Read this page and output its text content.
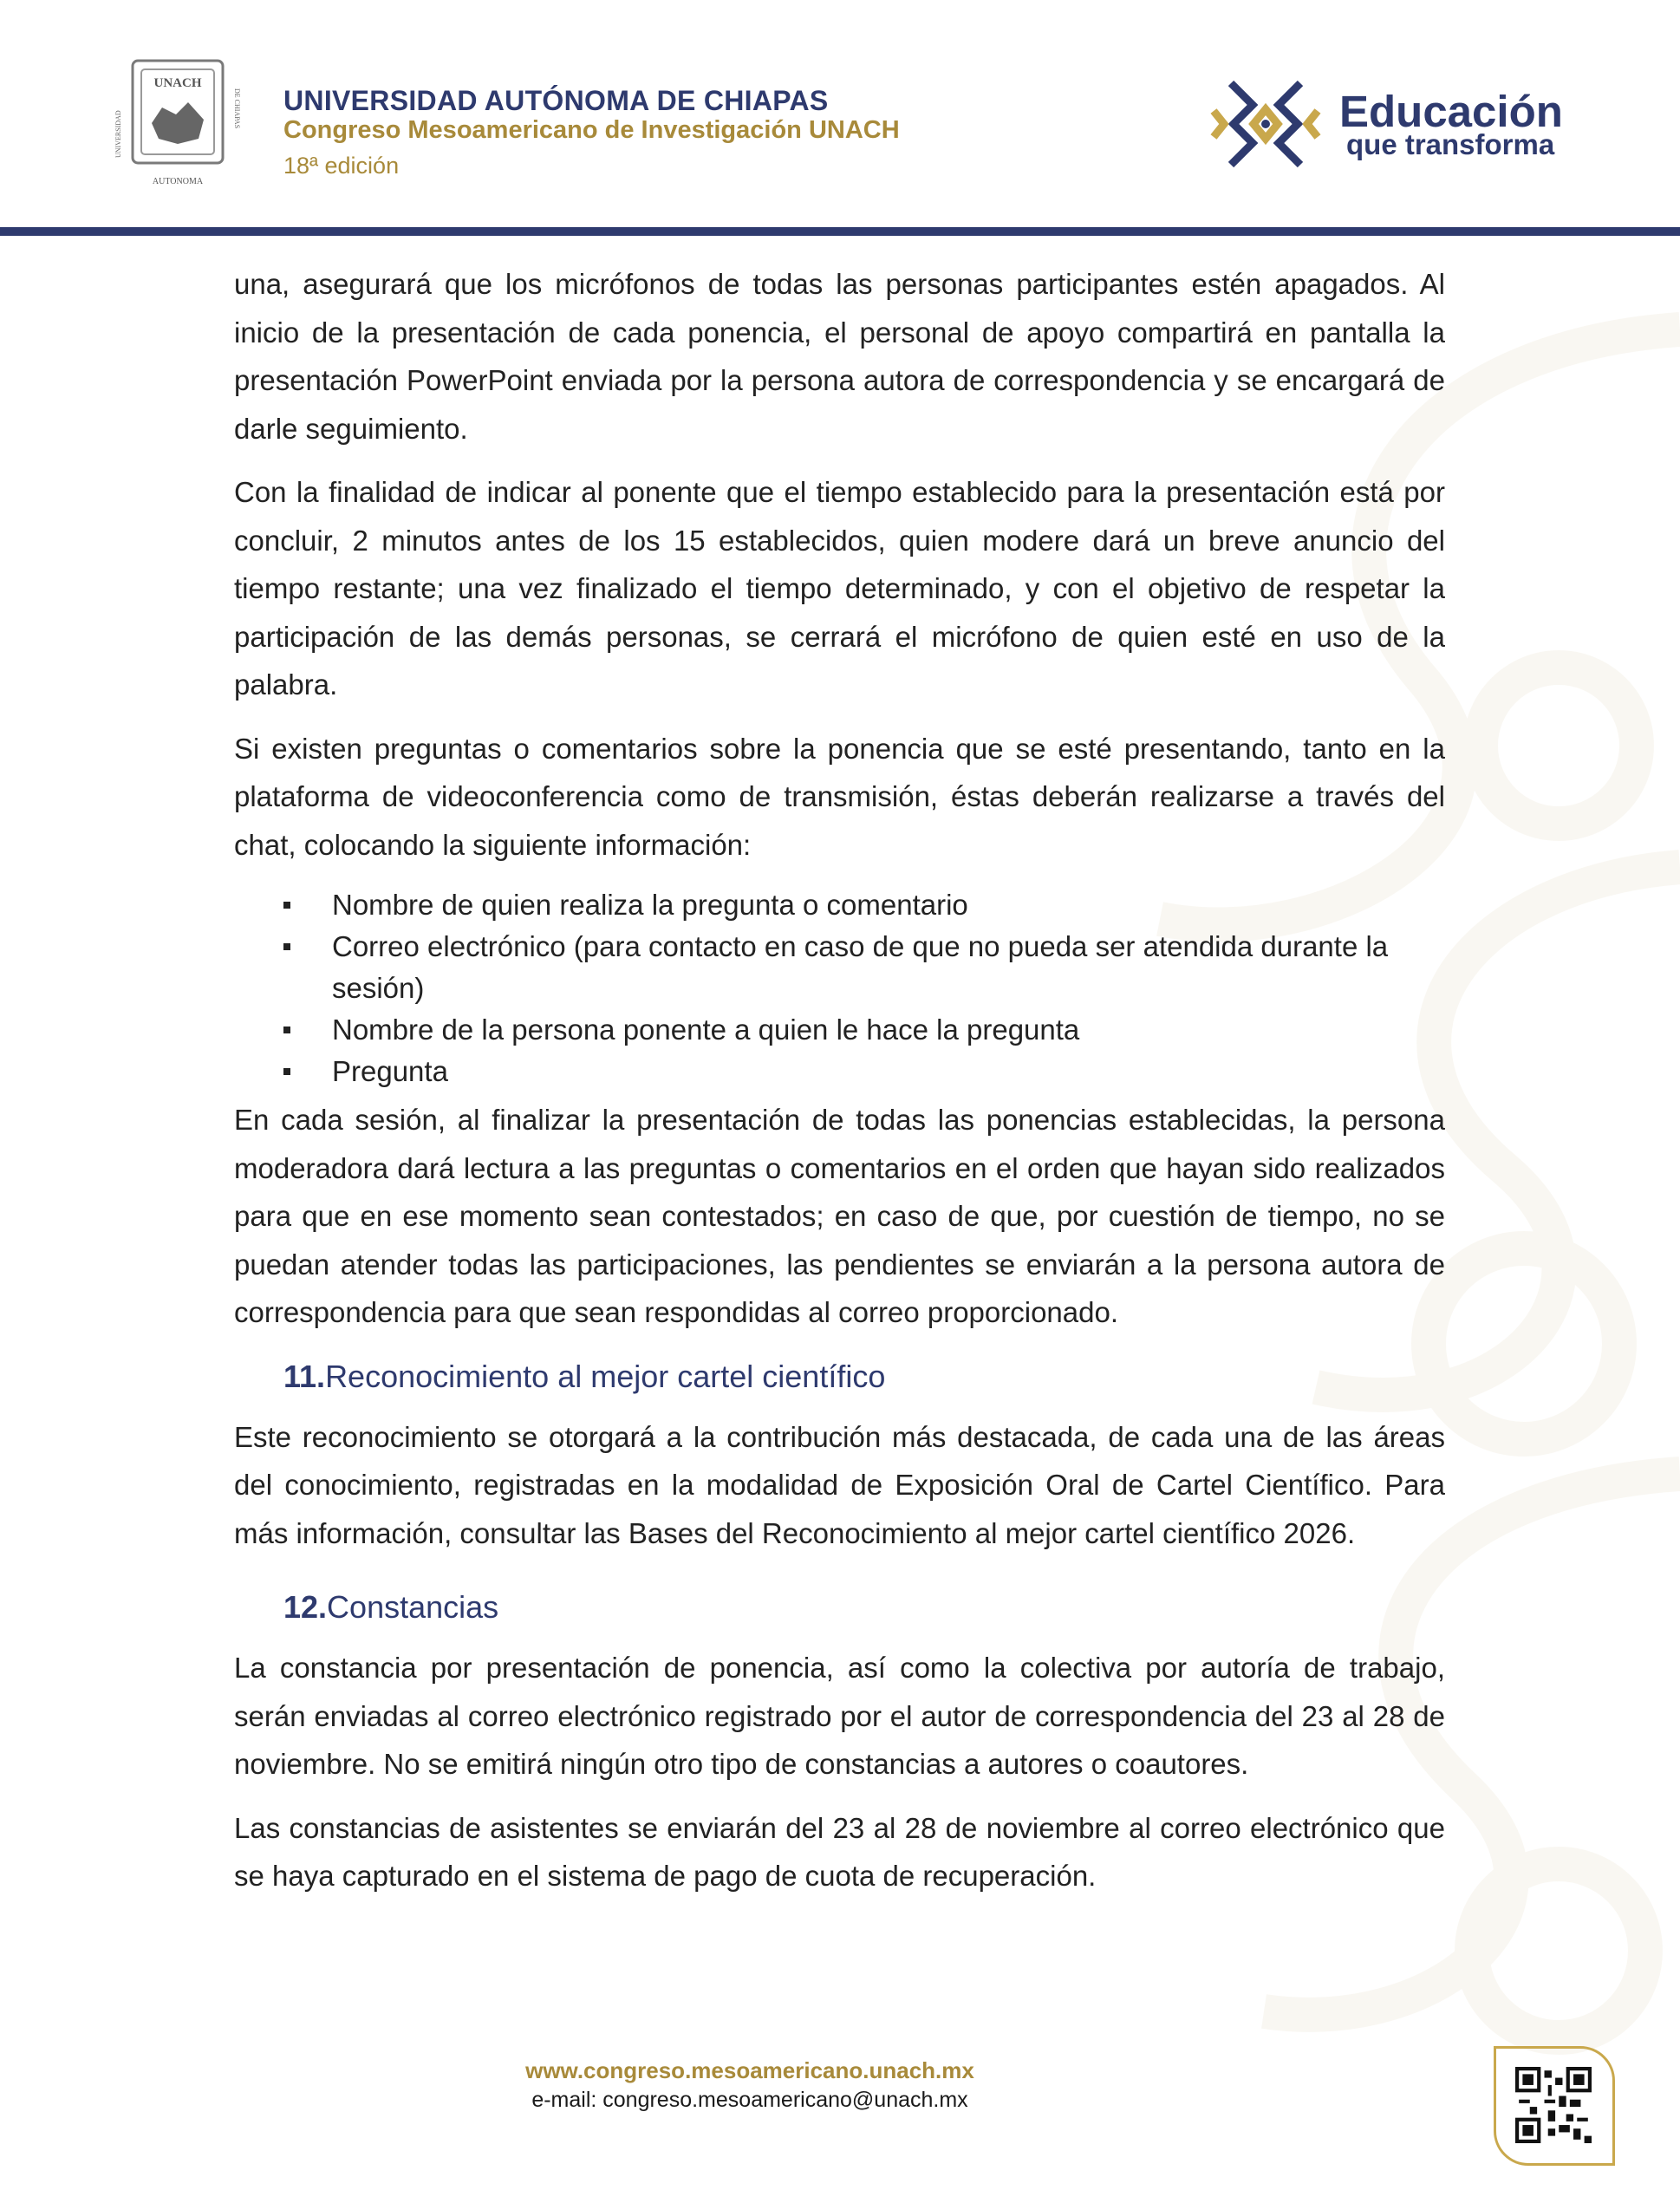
UNACH
UNIVERSIDAD
DE CHIAPAS
AUTONOMA
UNIVERSIDAD AUTÓNOMA DE CHIAPAS
Congreso Mesoamericano de Investigación UNACH
18ª edición
Educación
que transforma

una, asegurará que los micrófonos de todas las personas participantes estén apagados. Al inicio de la presentación de cada ponencia, el personal de apoyo compartirá en pantalla la presentación PowerPoint enviada por la persona autora de correspondencia y se encargará de darle seguimiento.

Con la finalidad de indicar al ponente que el tiempo establecido para la presentación está por concluir, 2 minutos antes de los 15 establecidos, quien modere dará un breve anuncio del tiempo restante; una vez finalizado el tiempo determinado, y con el objetivo de respetar la participación de las demás personas, se cerrará el micrófono de quien esté en uso de la palabra.

Si existen preguntas o comentarios sobre la ponencia que se esté presentando, tanto en la plataforma de videoconferencia como de transmisión, éstas deberán realizarse a través del chat, colocando la siguiente información:

Nombre de quien realiza la pregunta o comentario
Correo electrónico (para contacto en caso de que no pueda ser atendida durante la sesión)
Nombre de la persona ponente a quien le hace la pregunta
Pregunta

En cada sesión, al finalizar la presentación de todas las ponencias establecidas, la persona moderadora dará lectura a las preguntas o comentarios en el orden que hayan sido realizados para que en ese momento sean contestados; en caso de que, por cuestión de tiempo, no se puedan atender todas las participaciones, las pendientes se enviarán a la persona autora de correspondencia para que sean respondidas al correo proporcionado.

11.Reconocimiento al mejor cartel científico

Este reconocimiento se otorgará a la contribución más destacada, de cada una de las áreas del conocimiento, registradas en la modalidad de Exposición Oral de Cartel Científico. Para más información, consultar las Bases del Reconocimiento al mejor cartel científico 2026.

12.Constancias

La constancia por presentación de ponencia, así como la colectiva por autoría de trabajo, serán enviadas al correo electrónico registrado por el autor de correspondencia del 23 al 28 de noviembre. No se emitirá ningún otro tipo de constancias a autores o coautores.

Las constancias de asistentes se enviarán del 23 al 28 de noviembre al correo electrónico que se haya capturado en el sistema de pago de cuota de recuperación.

www.congreso.mesoamericano.unach.mx
e-mail: congreso.mesoamericano@unach.mx
